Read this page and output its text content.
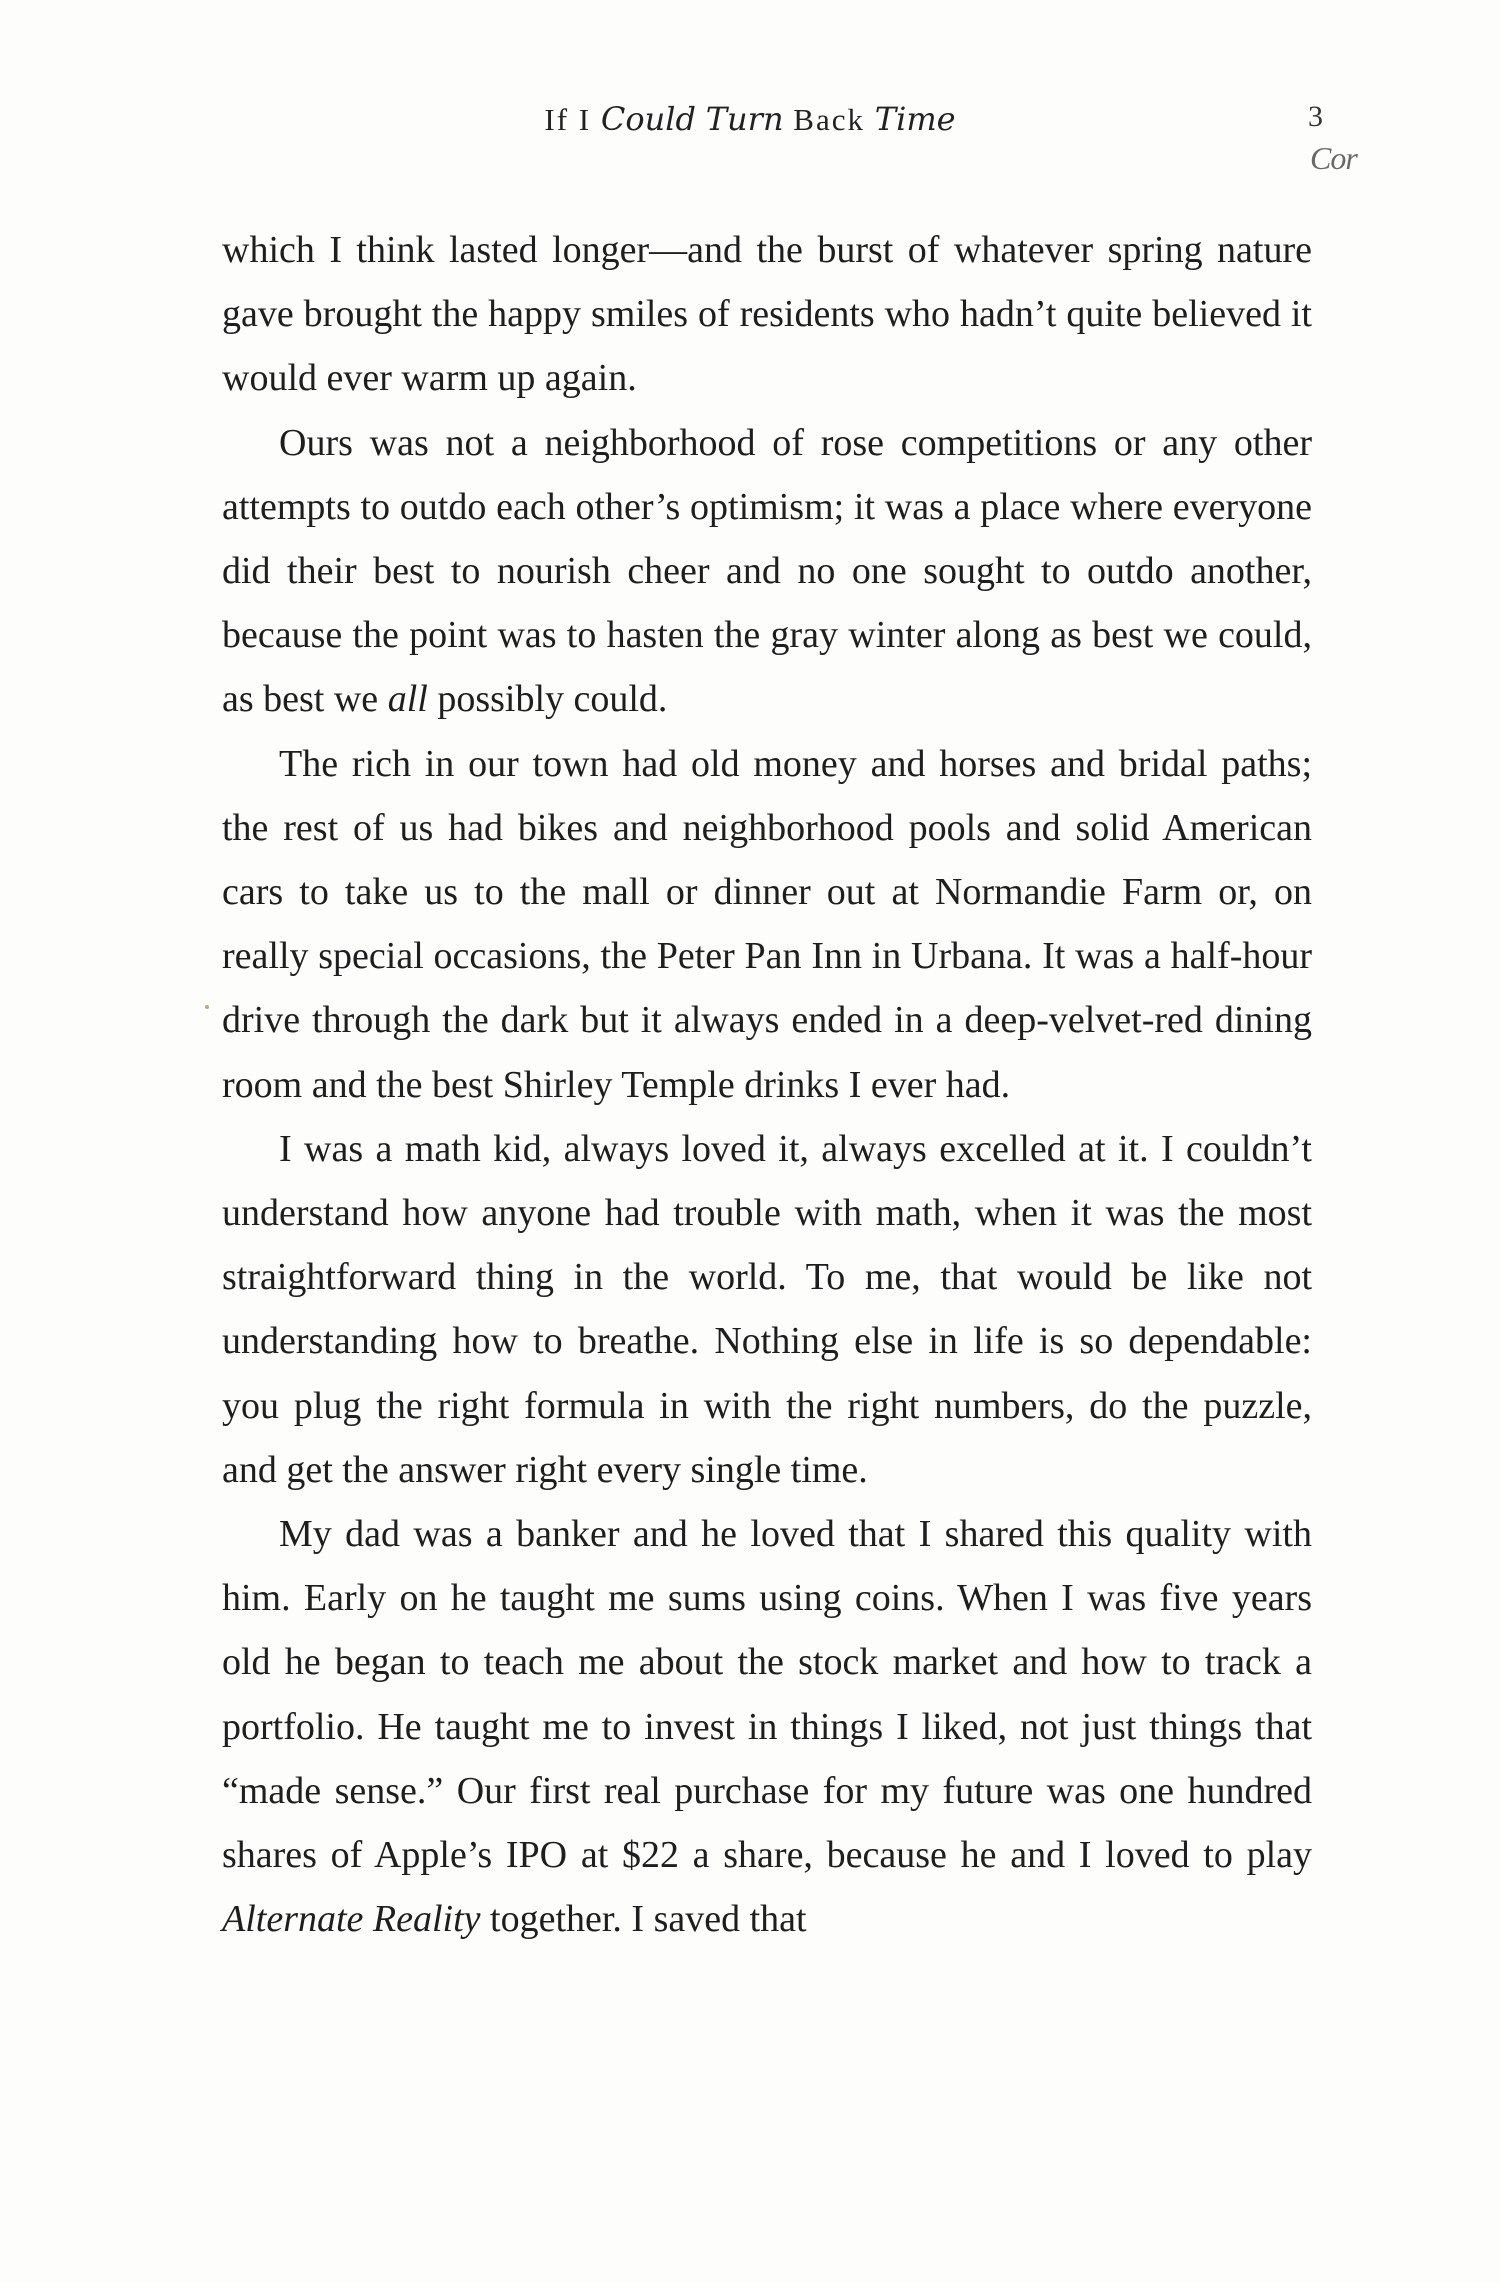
If I Could Turn Back Time	3
Cor

which I think lasted longer—and the burst of whatever spring nature gave brought the happy smiles of residents who hadn’t quite believed it would ever warm up again.

Ours was not a neighborhood of rose competitions or any other attempts to outdo each other’s optimism; it was a place where everyone did their best to nourish cheer and no one sought to outdo another, because the point was to hasten the gray winter along as best we could, as best we all possibly could.

The rich in our town had old money and horses and bridal paths; the rest of us had bikes and neighborhood pools and solid American cars to take us to the mall or dinner out at Normandie Farm or, on really special occasions, the Peter Pan Inn in Urbana. It was a half-hour drive through the dark but it always ended in a deep-velvet-red dining room and the best Shirley Temple drinks I ever had.

I was a math kid, always loved it, always excelled at it. I couldn’t understand how anyone had trouble with math, when it was the most straightforward thing in the world. To me, that would be like not understanding how to breathe. Nothing else in life is so dependable: you plug the right formula in with the right numbers, do the puzzle, and get the answer right every single time.

My dad was a banker and he loved that I shared this quality with him. Early on he taught me sums using coins. When I was five years old he began to teach me about the stock market and how to track a portfolio. He taught me to invest in things I liked, not just things that “made sense.” Our first real purchase for my future was one hundred shares of Apple’s IPO at $22 a share, because he and I loved to play Alternate Reality together. I saved that
